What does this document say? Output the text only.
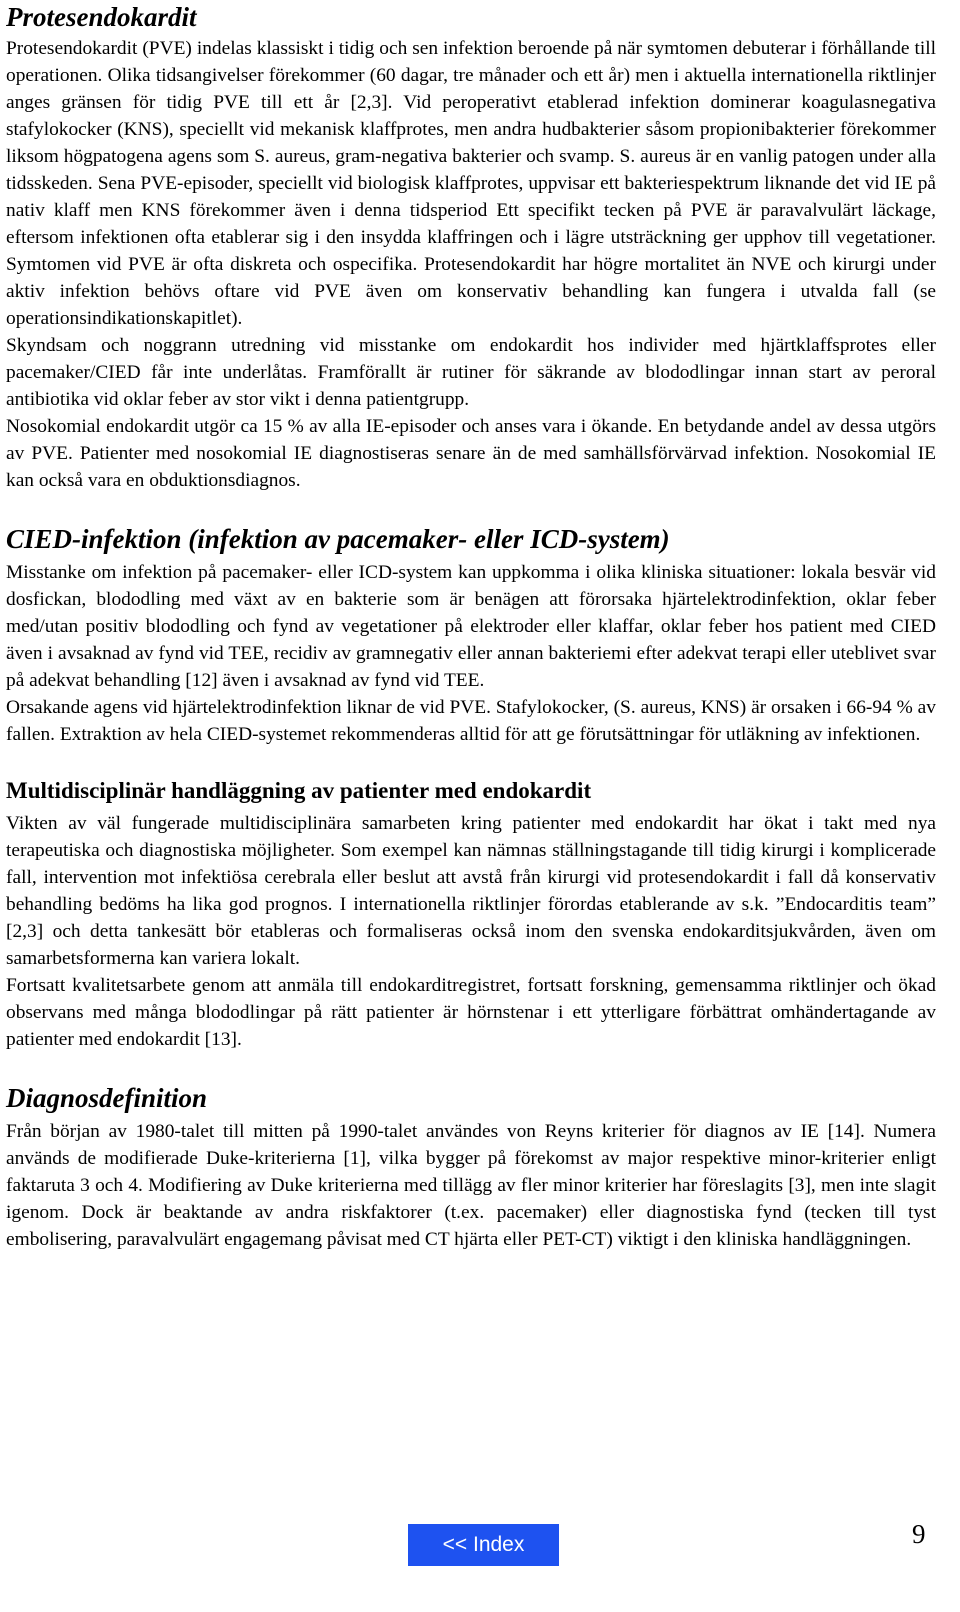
Protesendokardit

Protesendokardit (PVE) indelas klassiskt i tidig och sen infektion beroende på när symtomen debuterar i förhållande till operationen. Olika tidsangivelser förekommer (60 dagar, tre månader och ett år) men i aktuella internationella riktlinjer anges gränsen för tidig PVE till ett år [2,3]. Vid peroperativt etablerad infektion dominerar koagulasnegativa stafylokocker (KNS), speciellt vid mekanisk klaffprotes, men andra hudbakterier såsom propionibakterier förekommer liksom högpatogena agens som S. aureus, gram-negativa bakterier och svamp. S. aureus är en vanlig patogen under alla tidsskeden. Sena PVE-episoder, speciellt vid biologisk klaffprotes, uppvisar ett bakteriespektrum liknande det vid IE på nativ klaff men KNS förekommer även i denna tidsperiod Ett specifikt tecken på PVE är paravalvulärt läckage, eftersom infektionen ofta etablerar sig i den insydda klaffringen och i lägre utsträckning ger upphov till vegetationer. Symtomen vid PVE är ofta diskreta och ospecifika. Protesendokardit har högre mortalitet än NVE och kirurgi under aktiv infektion behövs oftare vid PVE även om konservativ behandling kan fungera i utvalda fall (se operationsindikationskapitlet).

Skyndsam och noggrann utredning vid misstanke om endokardit hos individer med hjärtklaffsprotes eller pacemaker/CIED får inte underlåtas. Framförallt är rutiner för säkrande av blododlingar innan start av peroral antibiotika vid oklar feber av stor vikt i denna patientgrupp.

Nosokomial endokardit utgör ca 15 % av alla IE-episoder och anses vara i ökande. En betydande andel av dessa utgörs av PVE. Patienter med nosokomial IE diagnostiseras senare än de med samhällsförvärvad infektion. Nosokomial IE kan också vara en obduktionsdiagnos.

CIED-infektion (infektion av pacemaker- eller ICD-system)

Misstanke om infektion på pacemaker- eller ICD-system kan uppkomma i olika kliniska situationer: lokala besvär vid dosfickan, blododling med växt av en bakterie som är benägen att förorsaka hjärtelektrodinfektion, oklar feber med/utan positiv blododling och fynd av vegetationer på elektroder eller klaffar, oklar feber hos patient med CIED även i avsaknad av fynd vid TEE, recidiv av gramnegativ eller annan bakteriemi efter adekvat terapi eller uteblivet svar på adekvat behandling [12] även i avsaknad av fynd vid TEE.

Orsakande agens vid hjärtelektrodinfektion liknar de vid PVE. Stafylokocker, (S. aureus, KNS) är orsaken i 66-94 % av fallen. Extraktion av hela CIED-systemet rekommenderas alltid för att ge förutsättningar för utläkning av infektionen.

Multidisciplinär handläggning av patienter med endokardit

Vikten av väl fungerade multidisciplinära samarbeten kring patienter med endokardit har ökat i takt med nya terapeutiska och diagnostiska möjligheter. Som exempel kan nämnas ställningstagande till tidig kirurgi i komplicerade fall, intervention mot infektiösa cerebrala eller beslut att avstå från kirurgi vid protesendokardit i fall då konservativ behandling bedöms ha lika god prognos. I internationella riktlinjer förordas etablerande av s.k. ”Endocarditis team” [2,3] och detta tankesätt bör etableras och formaliseras också inom den svenska endokarditsjukvården, även om samarbetsformerna kan variera lokalt.

Fortsatt kvalitetsarbete genom att anmäla till endokarditregistret, fortsatt forskning, gemensamma riktlinjer och ökad observans med många blododlingar på rätt patienter är hörnstenar i ett ytterligare förbättrat omhändertagande av patienter med endokardit [13].

Diagnosdefinition

Från början av 1980-talet till mitten på 1990-talet användes von Reyns kriterier för diagnos av IE [14]. Numera används de modifierade Duke-kriterierna [1], vilka bygger på förekomst av major respektive minor-kriterier enligt faktaruta 3 och 4. Modifiering av Duke kriterierna med tillägg av fler minor kriterier har föreslagits [3], men inte slagit igenom. Dock är beaktande av andra riskfaktorer (t.ex. pacemaker) eller diagnostiska fynd (tecken till tyst embolisering, paravalvulärt engagemang påvisat med CT hjärta eller PET-CT) viktigt i den kliniska handläggningen.

<< Index	9
